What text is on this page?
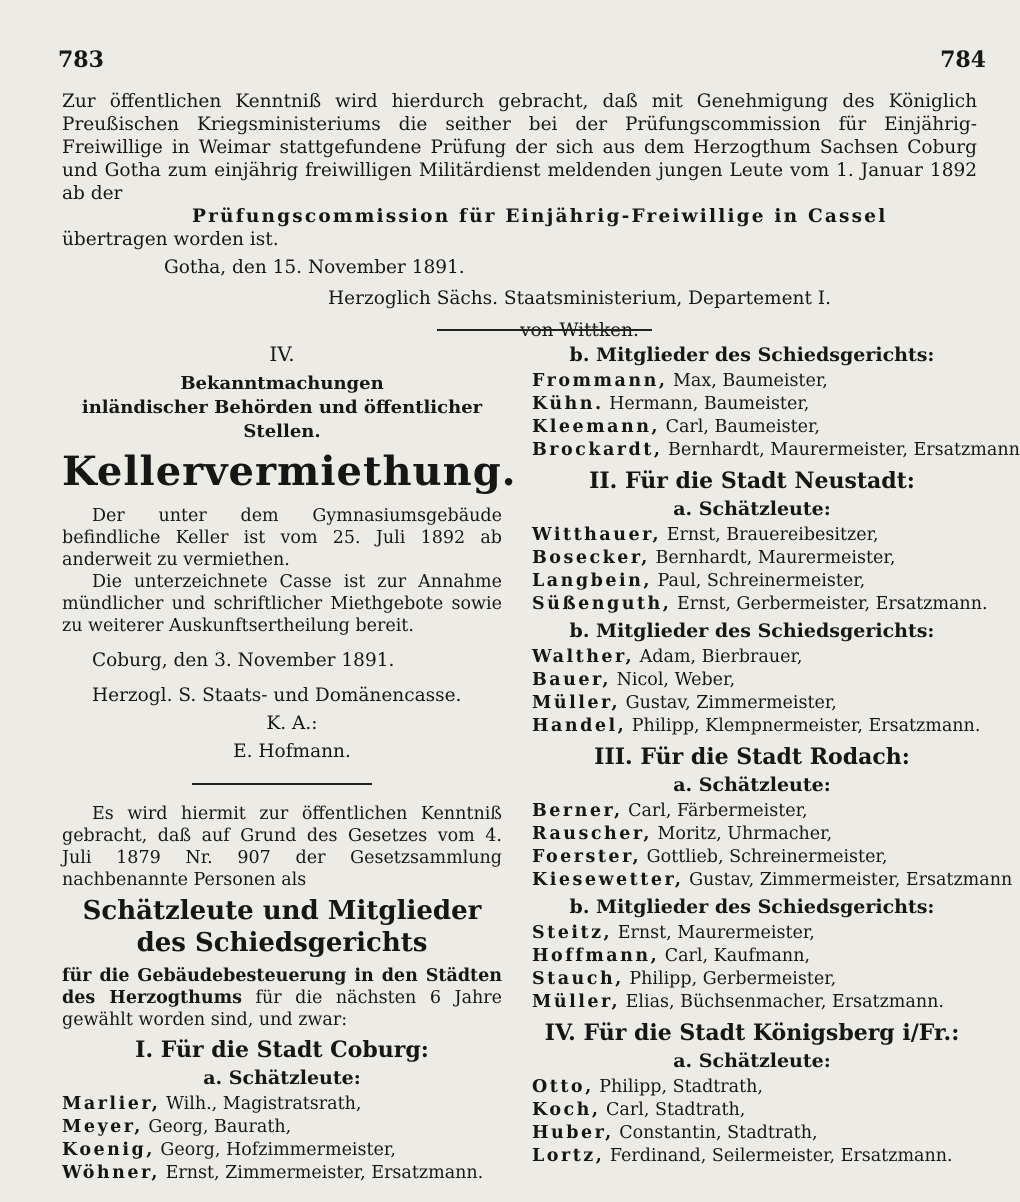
783	784

Zur öffentlichen Kenntniß wird hierdurch gebracht, daß mit Genehmigung des Königlich Preußischen Kriegsministeriums die seither bei der Prüfungscommission für Einjährig-Freiwillige in Weimar stattgefundene Prüfung der sich aus dem Herzogthum Sachsen Coburg und Gotha zum einjährig freiwilligen Militärdienst meldenden jungen Leute vom 1. Januar 1892 ab der

Prüfungscommission für Einjährig-Freiwillige in Cassel

übertragen worden ist.

Gotha, den 15. November 1891.
Herzoglich Sächs. Staatsministerium, Departement I.
von Wittken.
IV.
Bekanntmachungen
inländischer Behörden und öffentlicher Stellen.
Kellervermiethung.

Der unter dem Gymnasiumsgebäude befindliche Keller ist vom 25. Juli 1892 ab anderweit zu vermiethen.

Die unterzeichnete Casse ist zur Annahme mündlicher und schriftlicher Miethgebote sowie zu weiterer Auskunftsertheilung bereit.

Coburg, den 3. November 1891.
Herzogl. S. Staats- und Domänencasse.
K. A.:
E. Hofmann.

Es wird hiermit zur öffentlichen Kenntniß gebracht, daß auf Grund des Gesetzes vom 4. Juli 1879 Nr. 907 der Gesetzsammlung nachbenannte Personen als

Schätzleute und Mitglieder des Schiedsgerichts

für die Gebäudebesteuerung in den Städten des Herzogthums für die nächsten 6 Jahre gewählt worden sind, und zwar:

I. Für die Stadt Coburg:
a. Schätzleute:
Marlier, Wilh., Magistratsrath,
Meyer, Georg, Baurath,
Koenig, Georg, Hofzimmermeister,
Wöhner, Ernst, Zimmermeister, Ersatzmann.
b. Mitglieder des Schiedsgerichts:
Frommann, Max, Baumeister,
Kühn. Hermann, Baumeister,
Kleemann, Carl, Baumeister,
Brockardt, Bernhardt, Maurermeister, Ersatzmann
II. Für die Stadt Neustadt:
a. Schätzleute:
Witthauer, Ernst, Brauereibesitzer,
Bosecker, Bernhardt, Maurermeister,
Langbein, Paul, Schreinermeister,
Süßenguth, Ernst, Gerbermeister, Ersatzmann.
b. Mitglieder des Schiedsgerichts:
Walther, Adam, Bierbrauer,
Bauer, Nicol, Weber,
Müller, Gustav, Zimmermeister,
Handel, Philipp, Klempnermeister, Ersatzmann.
III. Für die Stadt Rodach:
a. Schätzleute:
Berner, Carl, Färbermeister,
Rauscher, Moritz, Uhrmacher,
Foerster, Gottlieb, Schreinermeister,
Kiesewetter, Gustav, Zimmermeister, Ersatzmann
b. Mitglieder des Schiedsgerichts:
Steitz, Ernst, Maurermeister,
Hoffmann, Carl, Kaufmann,
Stauch, Philipp, Gerbermeister,
Müller, Elias, Büchsenmacher, Ersatzmann.
IV. Für die Stadt Königsberg i/Fr.:
a. Schätzleute:
Otto, Philipp, Stadtrath,
Koch, Carl, Stadtrath,
Huber, Constantin, Stadtrath,
Lortz, Ferdinand, Seilermeister, Ersatzmann.
